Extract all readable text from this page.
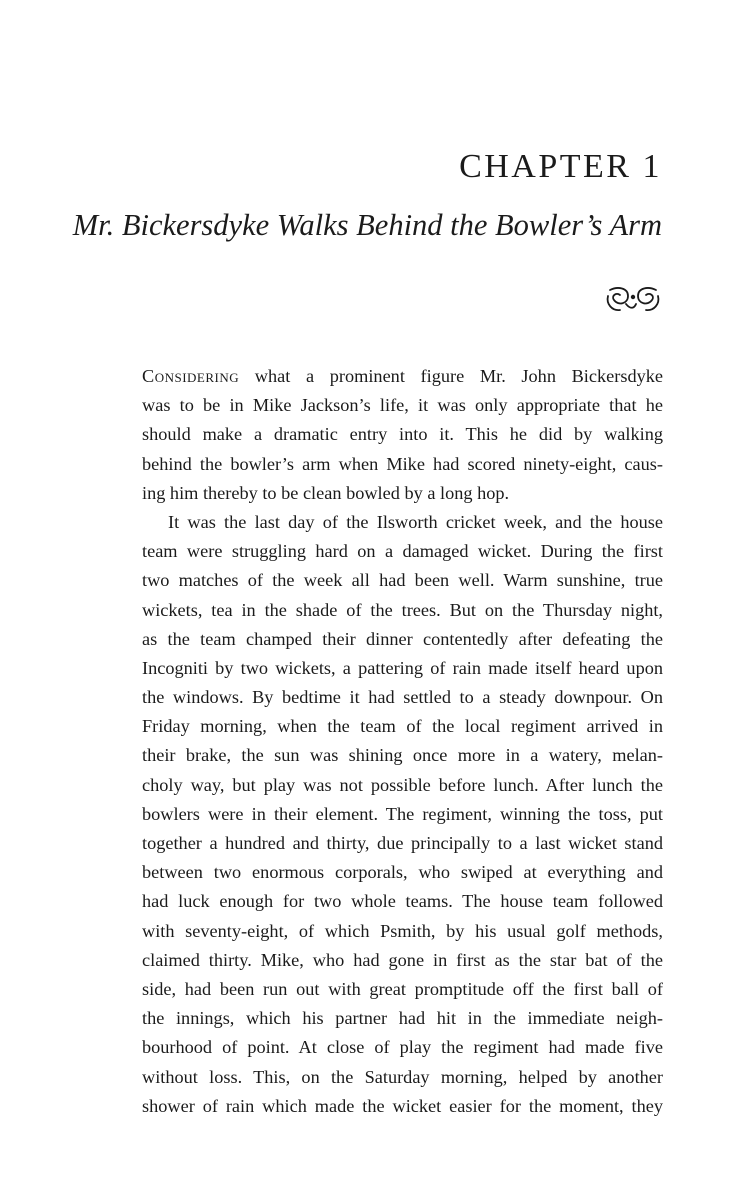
CHAPTER 1
Mr. Bickersdyke Walks Behind the Bowler’s Arm

Considering what a prominent figure Mr. John Bickersdyke
was to be in Mike Jackson’s life, it was only appropriate that he
should make a dramatic entry into it. This he did by walking
behind the bowler’s arm when Mike had scored ninety-eight, caus-
ing him thereby to be clean bowled by a long hop.

It was the last day of the Ilsworth cricket week, and the house
team were struggling hard on a damaged wicket. During the first
two matches of the week all had been well. Warm sunshine, true
wickets, tea in the shade of the trees. But on the Thursday night,
as the team champed their dinner contentedly after defeating the
Incogniti by two wickets, a pattering of rain made itself heard upon
the windows. By bedtime it had settled to a steady downpour. On
Friday morning, when the team of the local regiment arrived in
their brake, the sun was shining once more in a watery, melan-
choly way, but play was not possible before lunch. After lunch the
bowlers were in their element. The regiment, winning the toss, put
together a hundred and thirty, due principally to a last wicket stand
between two enormous corporals, who swiped at everything and
had luck enough for two whole teams. The house team followed
with seventy-eight, of which Psmith, by his usual golf methods,
claimed thirty. Mike, who had gone in first as the star bat of the
side, had been run out with great promptitude off the first ball of
the innings, which his partner had hit in the immediate neigh-
bourhood of point. At close of play the regiment had made five
without loss. This, on the Saturday morning, helped by another
shower of rain which made the wicket easier for the moment, they
